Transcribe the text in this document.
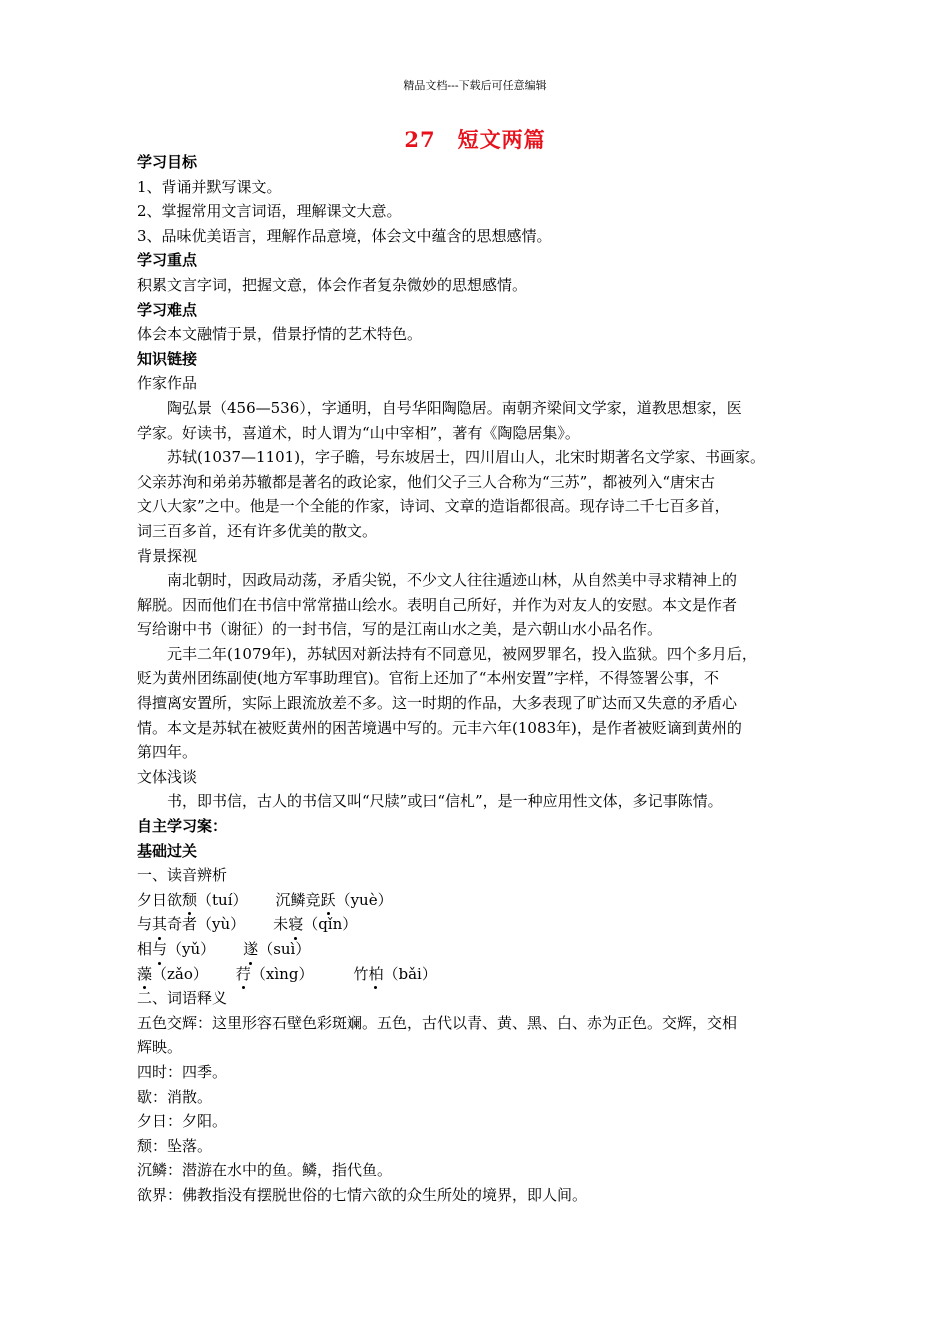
精品文档---下载后可任意编辑
27　短文两篇
学习目标
1、背诵并默写课文。
2、掌握常用文言词语，理解课文大意。
3、品味优美语言，理解作品意境，体会文中蕴含的思想感情。
学习重点
积累文言字词，把握文意，体会作者复杂微妙的思想感情。
学习难点
体会本文融情于景，借景抒情的艺术特色。
知识链接
作家作品
陶弘景（456—536），字通明，自号华阳陶隐居。南朝齐梁间文学家，道教思想家，医
学家。好读书，喜道术，时人谓为“山中宰相”，著有《陶隐居集》。
苏轼(1037—1101)，字子瞻，号东坡居士，四川眉山人，北宋时期著名文学家、书画家。
父亲苏洵和弟弟苏辙都是著名的政论家，他们父子三人合称为“三苏”，都被列入“唐宋古
文八大家”之中。他是一个全能的作家，诗词、文章的造诣都很高。现存诗二千七百多首，
词三百多首，还有许多优美的散文。
背景探视
南北朝时，因政局动荡，矛盾尖锐，不少文人往往遁迹山林，从自然美中寻求精神上的
解脱。因而他们在书信中常常描山绘水。表明自己所好，并作为对友人的安慰。本文是作者
写给谢中书（谢征）的一封书信，写的是江南山水之美，是六朝山水小品名作。
元丰二年(1079年)，苏轼因对新法持有不同意见，被网罗罪名，投入监狱。四个多月后，
贬为黄州团练副使(地方军事助理官)。官衔上还加了“本州安置”字样，不得签署公事，不
得擅离安置所，实际上跟流放差不多。这一时期的作品，大多表现了旷达而又失意的矛盾心
情。本文是苏轼在被贬黄州的困苦境遇中写的。元丰六年(1083年)，是作者被贬谪到黄州的
第四年。
文体浅谈
书，即书信，古人的书信又叫“尺牍”或曰“信札”，是一种应用性文体，多记事陈情。
自主学习案：
基础过关
一、读音辨析
夕日欲颓（tuí） 沉鳞竞跃（yuè）
与其奇者（yù） 未寝（qǐn）
相与（yǔ） 遂（suì）
藻（zǎo） 荇（xìng）	竹柏（bǎi）
二、词语释义
五色交辉：这里形容石壁色彩斑斓。五色，古代以青、黄、黑、白、赤为正色。交辉，交相
辉映。
四时：四季。
歇：消散。
夕日：夕阳。
颓：坠落。
沉鳞：潜游在水中的鱼。鳞，指代鱼。
欲界：佛教指没有摆脱世俗的七情六欲的众生所处的境界，即人间。
